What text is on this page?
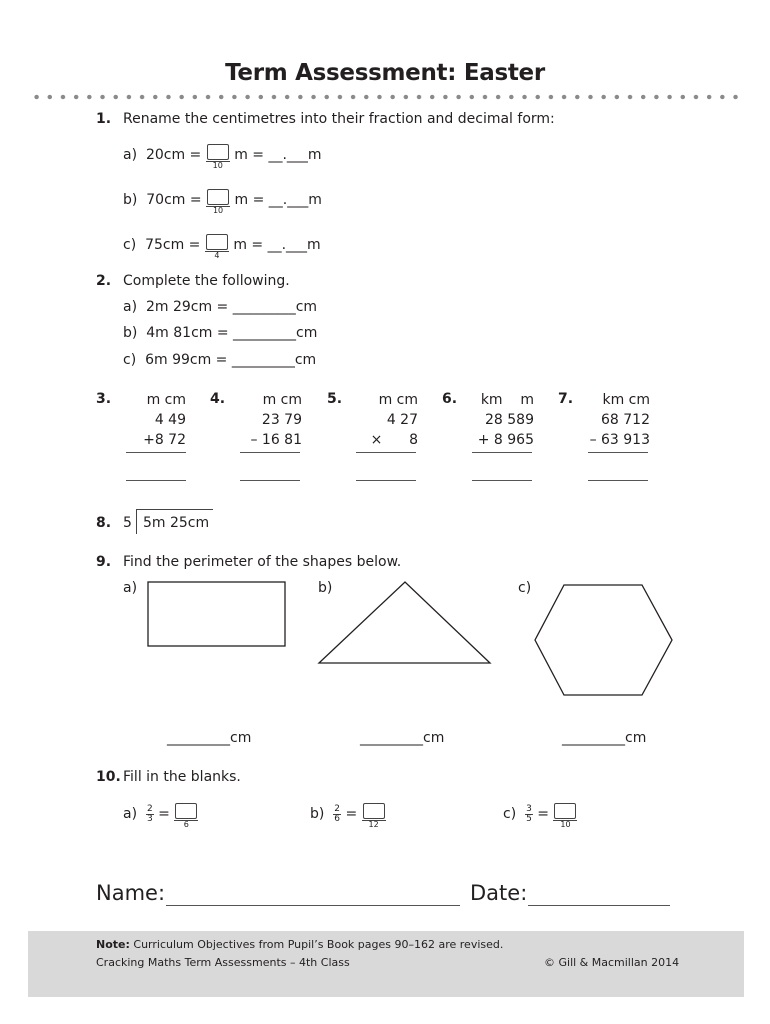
Term Assessment: Easter
1. Rename the centimetres into their fraction and decimal form:
a) 20cm =
10
m = __.___m
b) 70cm =
10
m = __.___m
c) 75cm =
4
m = __.___m
2. Complete the following.
a) 2m 29cm = _________cm
b) 4m 81cm = _________cm
c) 6m 99cm = _________cm
3.	m cm
4 49
+8 72
4.	m cm
23 79
– 16 81
5.	m cm
4 27
×      8
6.	km    m
28 589
+ 8 965
7.	km cm
68 712
– 63 913
8. 5 5m 25cm
9. Find the perimeter of the shapes below.
a)	b)	c)
_________cm	_________cm	_________cm
10. Fill in the blanks.
$a) \frac{2}{3}$ =
6
$b) \frac{2}{6}$ =
12
$c) \frac{3}{5}$ =
10
Name:	Date:
Note: Curriculum Objectives from Pupil’s Book pages 90–162 are revised.
Cracking Maths Term Assessments – 4th Class	© Gill & Macmillan 2014
